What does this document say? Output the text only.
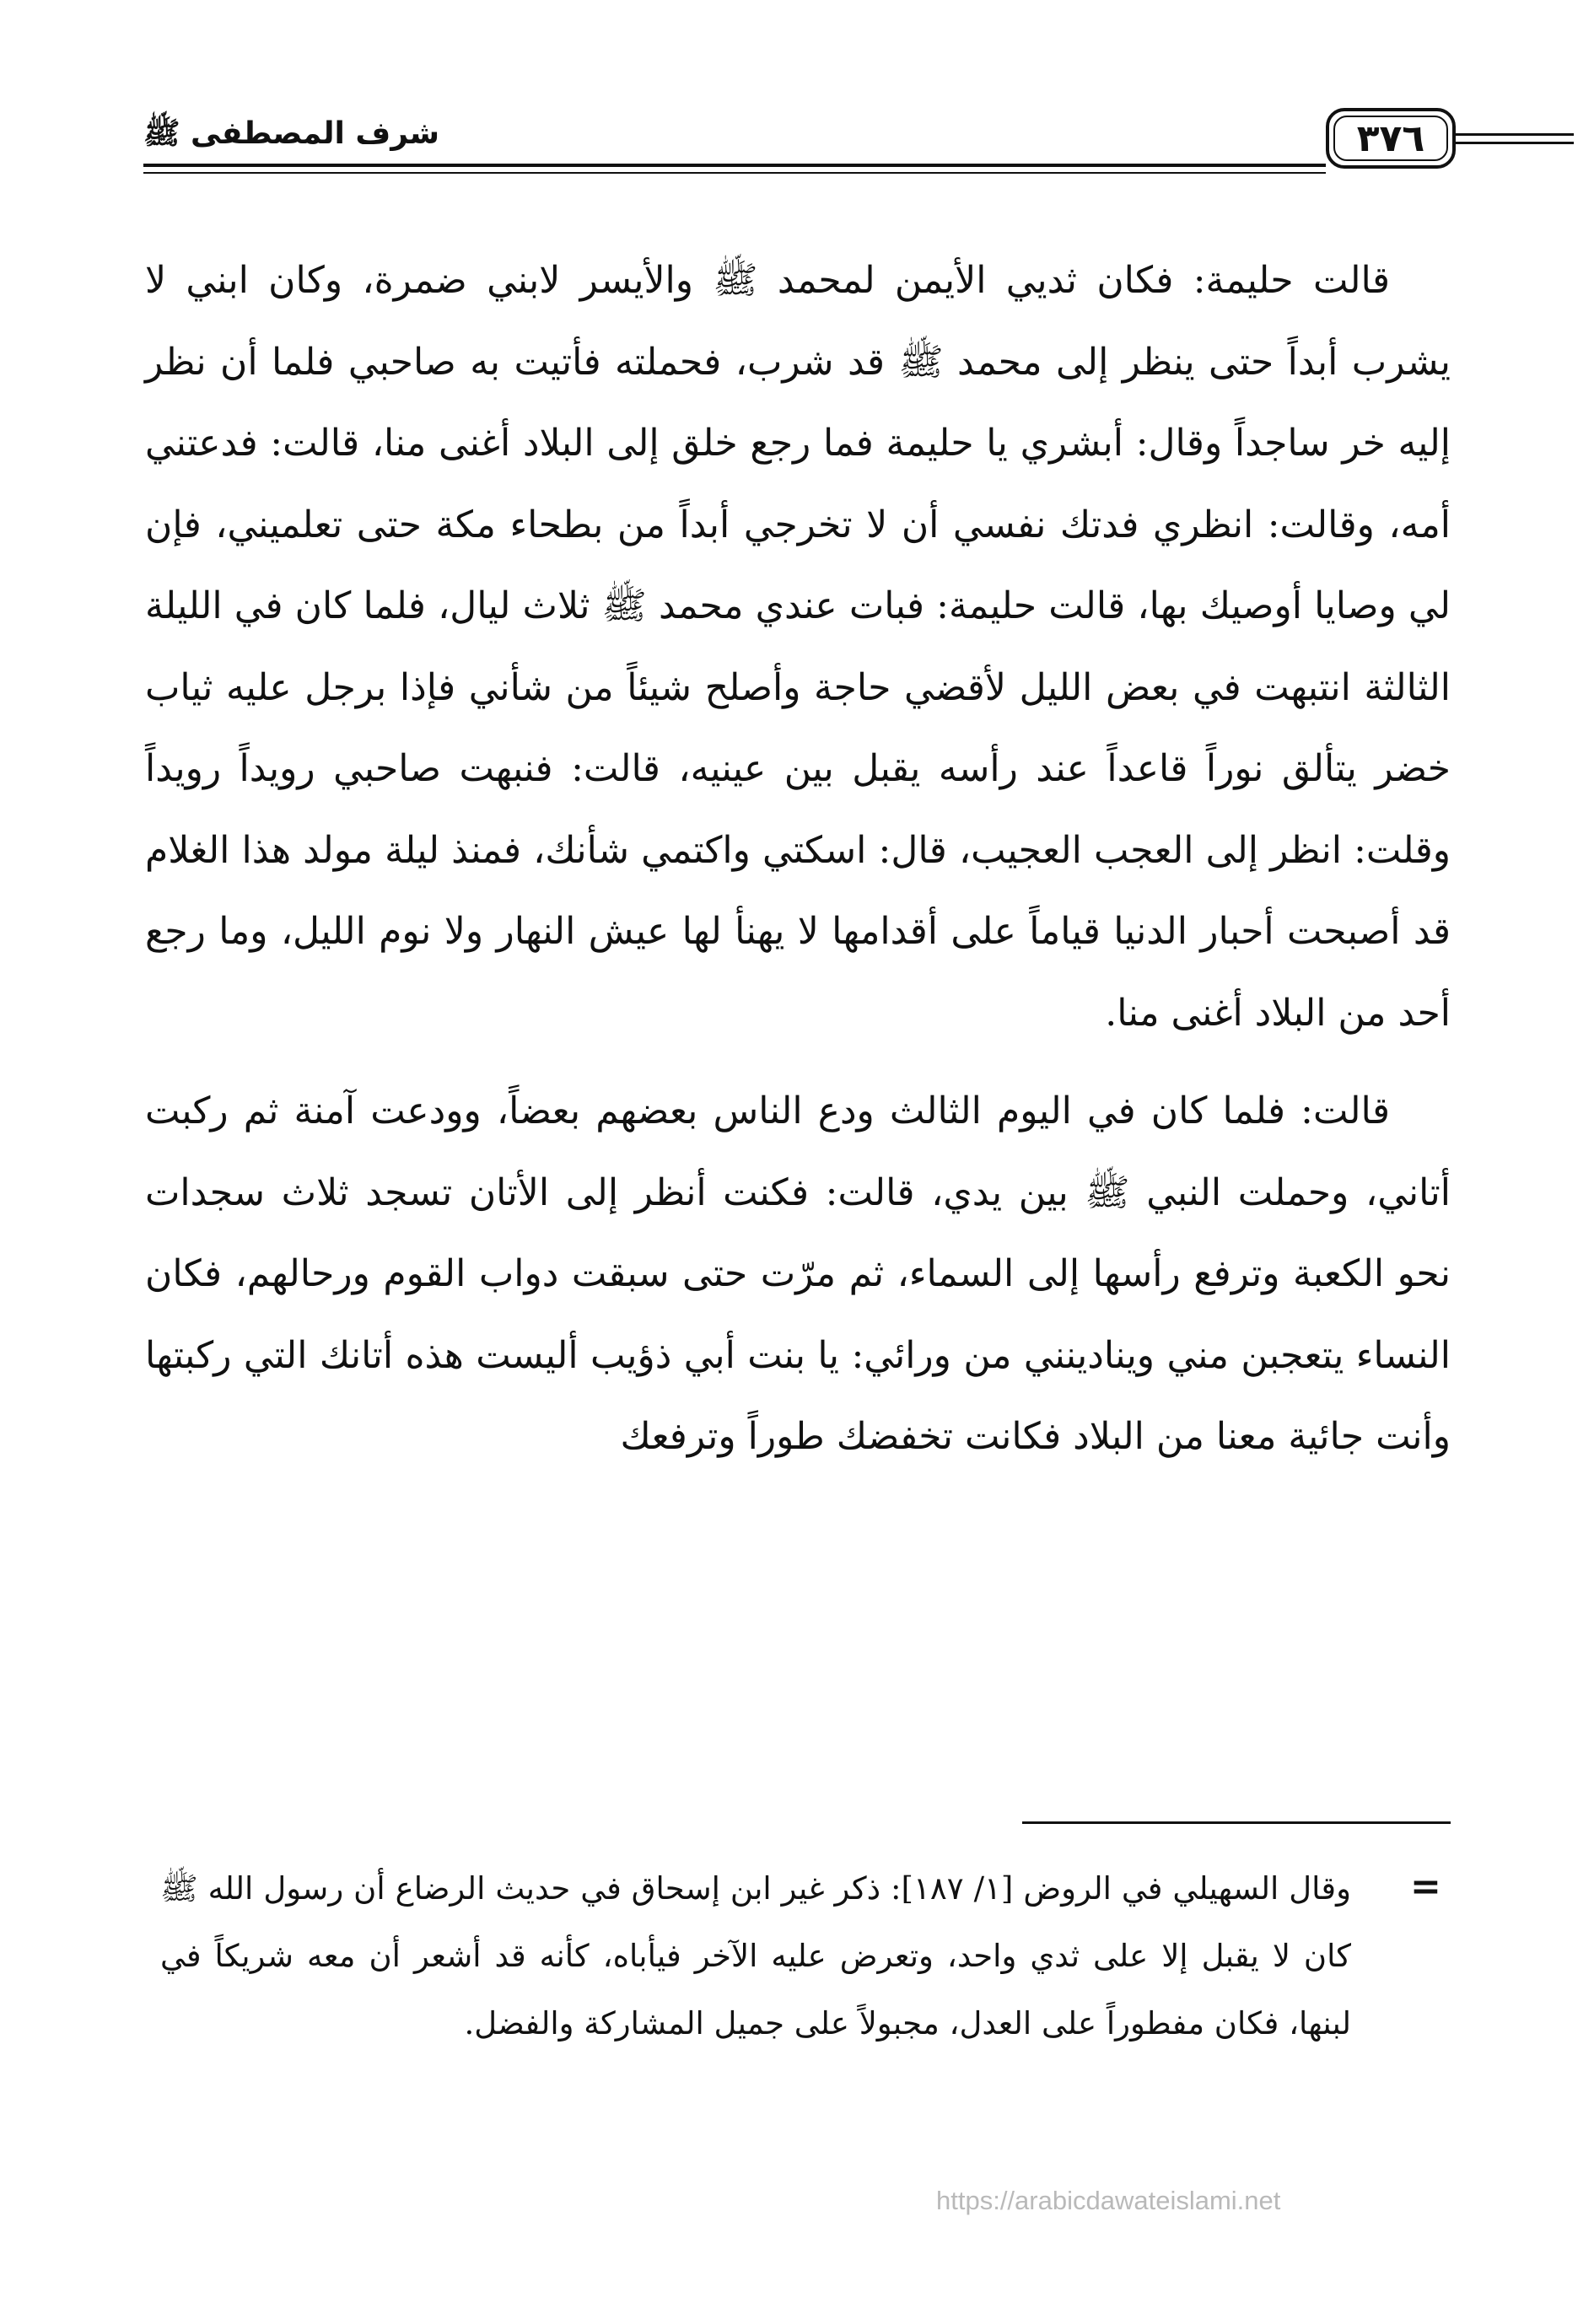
شرف المصطفى ﷺ	٣٧٦

قالت حليمة: فكان ثديي الأيمن لمحمد ﷺ والأيسر لابني ضمرة، وكان ابني لا يشرب أبداً حتى ينظر إلى محمد ﷺ قد شرب، فحملته فأتيت به صاحبي فلما أن نظر إليه خر ساجداً وقال: أبشري يا حليمة فما رجع خلق إلى البلاد أغنى منا، قالت: فدعتني أمه، وقالت: انظري فدتك نفسي أن لا تخرجي أبداً من بطحاء مكة حتى تعلميني، فإن لي وصايا أوصيك بها، قالت حليمة: فبات عندي محمد ﷺ ثلاث ليال، فلما كان في الليلة الثالثة انتبهت في بعض الليل لأقضي حاجة وأصلح شيئاً من شأني فإذا برجل عليه ثياب خضر يتألق نوراً قاعداً عند رأسه يقبل بين عينيه، قالت: فنبهت صاحبي رويداً رويداً وقلت: انظر إلى العجب العجيب، قال: اسكتي واكتمي شأنك، فمنذ ليلة مولد هذا الغلام قد أصبحت أحبار الدنيا قياماً على أقدامها لا يهنأ لها عيش النهار ولا نوم الليل، وما رجع أحد من البلاد أغنى منا.

قالت: فلما كان في اليوم الثالث ودع الناس بعضهم بعضاً، وودعت آمنة ثم ركبت أتاني، وحملت النبي ﷺ بين يدي، قالت: فكنت أنظر إلى الأتان تسجد ثلاث سجدات نحو الكعبة وترفع رأسها إلى السماء، ثم مرّت حتى سبقت دواب القوم ورحالهم، فكان النساء يتعجبن مني وينادينني من ورائي: يا بنت أبي ذؤيب أليست هذه أتانك التي ركبتها وأنت جائية معنا من البلاد فكانت تخفضك طوراً وترفعك

=

وقال السهيلي في الروض [١/ ١٨٧]: ذكر غير ابن إسحاق في حديث الرضاع أن رسول الله ﷺ كان لا يقبل إلا على ثدي واحد، وتعرض عليه الآخر فيأباه، كأنه قد أشعر أن معه شريكاً في لبنها، فكان مفطوراً على العدل، مجبولاً على جميل المشاركة والفضل.

https://arabicdawateislami.net
